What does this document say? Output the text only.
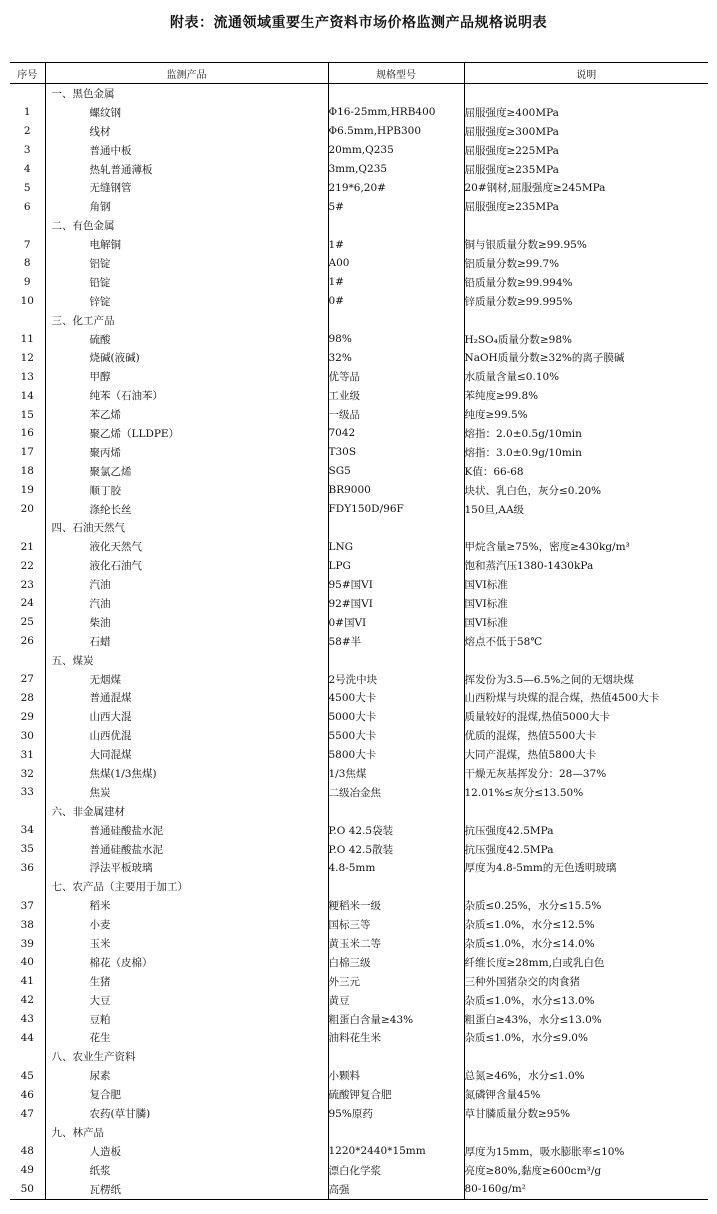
附表：流通领域重要生产资料市场价格监测产品规格说明表
序号	监测产品	规格型号	说明
	一、黑色金属		
1	螺纹钢	Φ16-25mm,HRB400	屈服强度≥400MPa
2	线材	Φ6.5mm,HPB300	屈服强度≥300MPa
3	普通中板	20mm,Q235	屈服强度≥225MPa
4	热轧普通薄板	3mm,Q235	屈服强度≥235MPa
5	无缝钢管	219*6,20#	20#钢材,屈服强度≥245MPa
6	角钢	5#	屈服强度≥235MPa
	二、有色金属		
7	电解铜	1#	铜与银质量分数≥99.95%
8	铝锭	A00	铝质量分数≥99.7%
9	铅锭	1#	铅质量分数≥99.994%
10	锌锭	0#	锌质量分数≥99.995%
	三、化工产品		
11	硫酸	98%	H₂SO₄质量分数≥98%
12	烧碱(液碱)	32%	NaOH质量分数≥32%的离子膜碱
13	甲醇	优等品	水质量含量≤0.10%
14	纯苯（石油苯）	工业级	苯纯度≥99.8%
15	苯乙烯	一级品	纯度≥99.5%
16	聚乙烯（LLDPE）	7042	熔指：2.0±0.5g/10min
17	聚丙烯	T30S	熔指：3.0±0.9g/10min
18	聚氯乙烯	SG5	K值：66-68
19	顺丁胶	BR9000	块状、乳白色，灰分≤0.20%
20	涤纶长丝	FDY150D/96F	150旦,AA级
	四、石油天然气		
21	液化天然气	LNG	甲烷含量≥75%，密度≥430kg/m³
22	液化石油气	LPG	饱和蒸汽压1380-1430kPa
23	汽油	95#国VI	国VI标准
24	汽油	92#国VI	国VI标准
25	柴油	0#国VI	国VI标准
26	石蜡	58#半	熔点不低于58℃
	五、煤炭		
27	无烟煤	2号洗中块	挥发份为3.5—6.5%之间的无烟块煤
28	普通混煤	4500大卡	山西粉煤与块煤的混合煤，热值4500大卡
29	山西大混	5000大卡	质量较好的混煤,热值5000大卡
30	山西优混	5500大卡	优质的混煤，热值5500大卡
31	大同混煤	5800大卡	大同产混煤，热值5800大卡
32	焦煤(1/3焦煤)	1/3焦煤	干燥无灰基挥发分：28—37%
33	焦炭	二级冶金焦	12.01%≤灰分≤13.50%
	六、非金属建材		
34	普通硅酸盐水泥	P.O 42.5袋装	抗压强度42.5MPa
35	普通硅酸盐水泥	P.O 42.5散装	抗压强度42.5MPa
36	浮法平板玻璃	4.8-5mm	厚度为4.8-5mm的无色透明玻璃
	七、农产品（主要用于加工）		
37	稻米	粳稻米一级	杂质≤0.25%，水分≤15.5%
38	小麦	国标三等	杂质≤1.0%，水分≤12.5%
39	玉米	黄玉米二等	杂质≤1.0%，水分≤14.0%
40	棉花（皮棉）	白棉三级	纤维长度≥28mm,白或乳白色
41	生猪	外三元	三种外国猪杂交的肉食猪
42	大豆	黄豆	杂质≤1.0%，水分≤13.0%
43	豆粕	粗蛋白含量≥43%	粗蛋白≥43%，水分≤13.0%
44	花生	油料花生米	杂质≤1.0%，水分≤9.0%
	八、农业生产资料		
45	尿素	小颗料	总氮≥46%，水分≤1.0%
46	复合肥	硫酸钾复合肥	氮磷钾含量45%
47	农药(草甘膦)	95%原药	草甘膦质量分数≥95%
	九、林产品		
48	人造板	1220*2440*15mm	厚度为15mm，吸水膨胀率≤10%
49	纸浆	漂白化学浆	亮度≥80%,黏度≥600cm³/g
50	瓦楞纸	高强	80-160g/m²
